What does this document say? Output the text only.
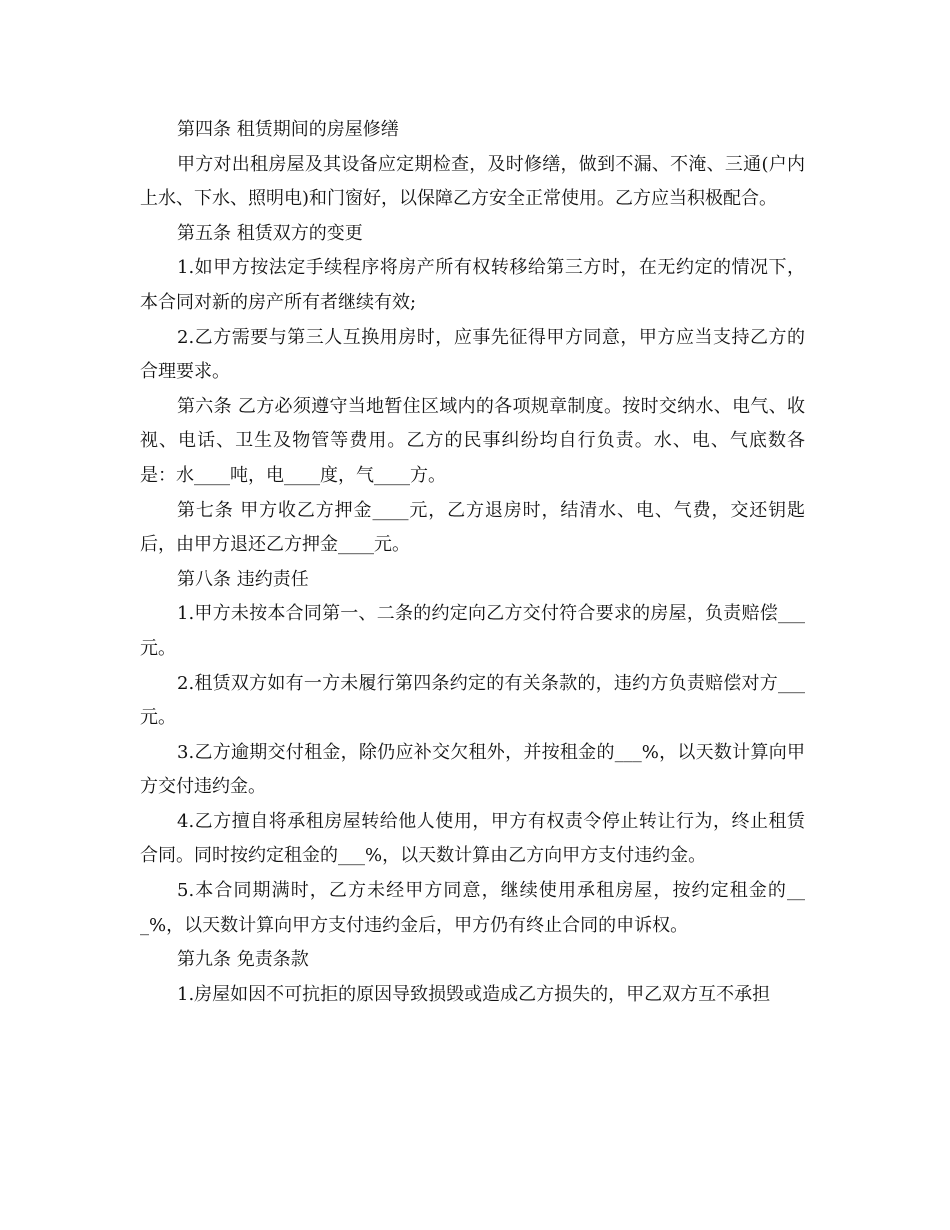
第四条 租赁期间的房屋修缮

甲方对出租房屋及其设备应定期检查，及时修缮，做到不漏、不淹、三通(户内上水、下水、照明电)和门窗好，以保障乙方安全正常使用。乙方应当积极配合。

第五条 租赁双方的变更

1.如甲方按法定手续程序将房产所有权转移给第三方时，在无约定的情况下，本合同对新的房产所有者继续有效;

2.乙方需要与第三人互换用房时，应事先征得甲方同意，甲方应当支持乙方的合理要求。

第六条 乙方必须遵守当地暂住区域内的各项规章制度。按时交纳水、电气、收视、电话、卫生及物管等费用。乙方的民事纠纷均自行负责。水、电、气底数各是：水____吨，电____度，气____方。

第七条 甲方收乙方押金____元，乙方退房时，结清水、电、气费，交还钥匙后，由甲方退还乙方押金____元。

第八条 违约责任

1.甲方未按本合同第一、二条的约定向乙方交付符合要求的房屋，负责赔偿___元。

2.租赁双方如有一方未履行第四条约定的有关条款的，违约方负责赔偿对方___元。

3.乙方逾期交付租金，除仍应补交欠租外，并按租金的___%，以天数计算向甲方交付违约金。

4.乙方擅自将承租房屋转给他人使用，甲方有权责令停止转让行为，终止租赁合同。同时按约定租金的___%，以天数计算由乙方向甲方支付违约金。

5.本合同期满时，乙方未经甲方同意，继续使用承租房屋，按约定租金的___%，以天数计算向甲方支付违约金后，甲方仍有终止合同的申诉权。

第九条 免责条款

1.房屋如因不可抗拒的原因导致损毁或造成乙方损失的，甲乙双方互不承担
